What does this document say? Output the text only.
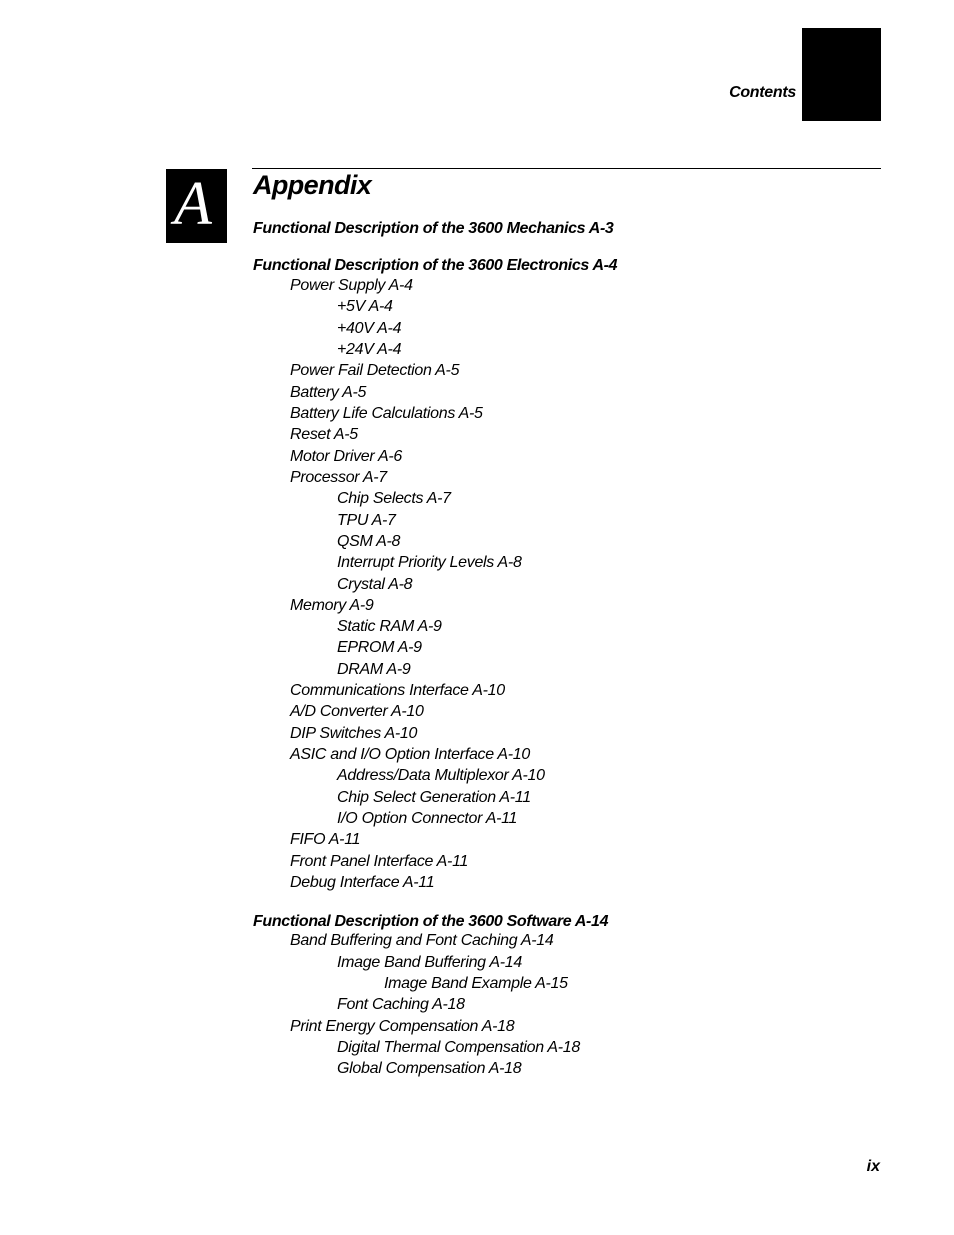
Contents
A Appendix
Functional Description of the 3600 Mechanics A-3
Functional Description of the 3600 Electronics A-4
Power Supply A-4
+5V A-4
+40V A-4
+24V A-4
Power Fail Detection A-5
Battery A-5
Battery Life Calculations A-5
Reset A-5
Motor Driver A-6
Processor A-7
Chip Selects A-7
TPU A-7
QSM A-8
Interrupt Priority Levels A-8
Crystal A-8
Memory A-9
Static RAM A-9
EPROM A-9
DRAM A-9
Communications Interface A-10
A/D Converter A-10
DIP Switches A-10
ASIC and I/O Option Interface A-10
Address/Data Multiplexor A-10
Chip Select Generation A-11
I/O Option Connector A-11
FIFO A-11
Front Panel Interface A-11
Debug Interface A-11
Functional Description of the 3600 Software A-14
Band Buffering and Font Caching A-14
Image Band Buffering A-14
Image Band Example A-15
Font Caching A-18
Print Energy Compensation A-18
Digital Thermal Compensation A-18
Global Compensation A-18
ix
